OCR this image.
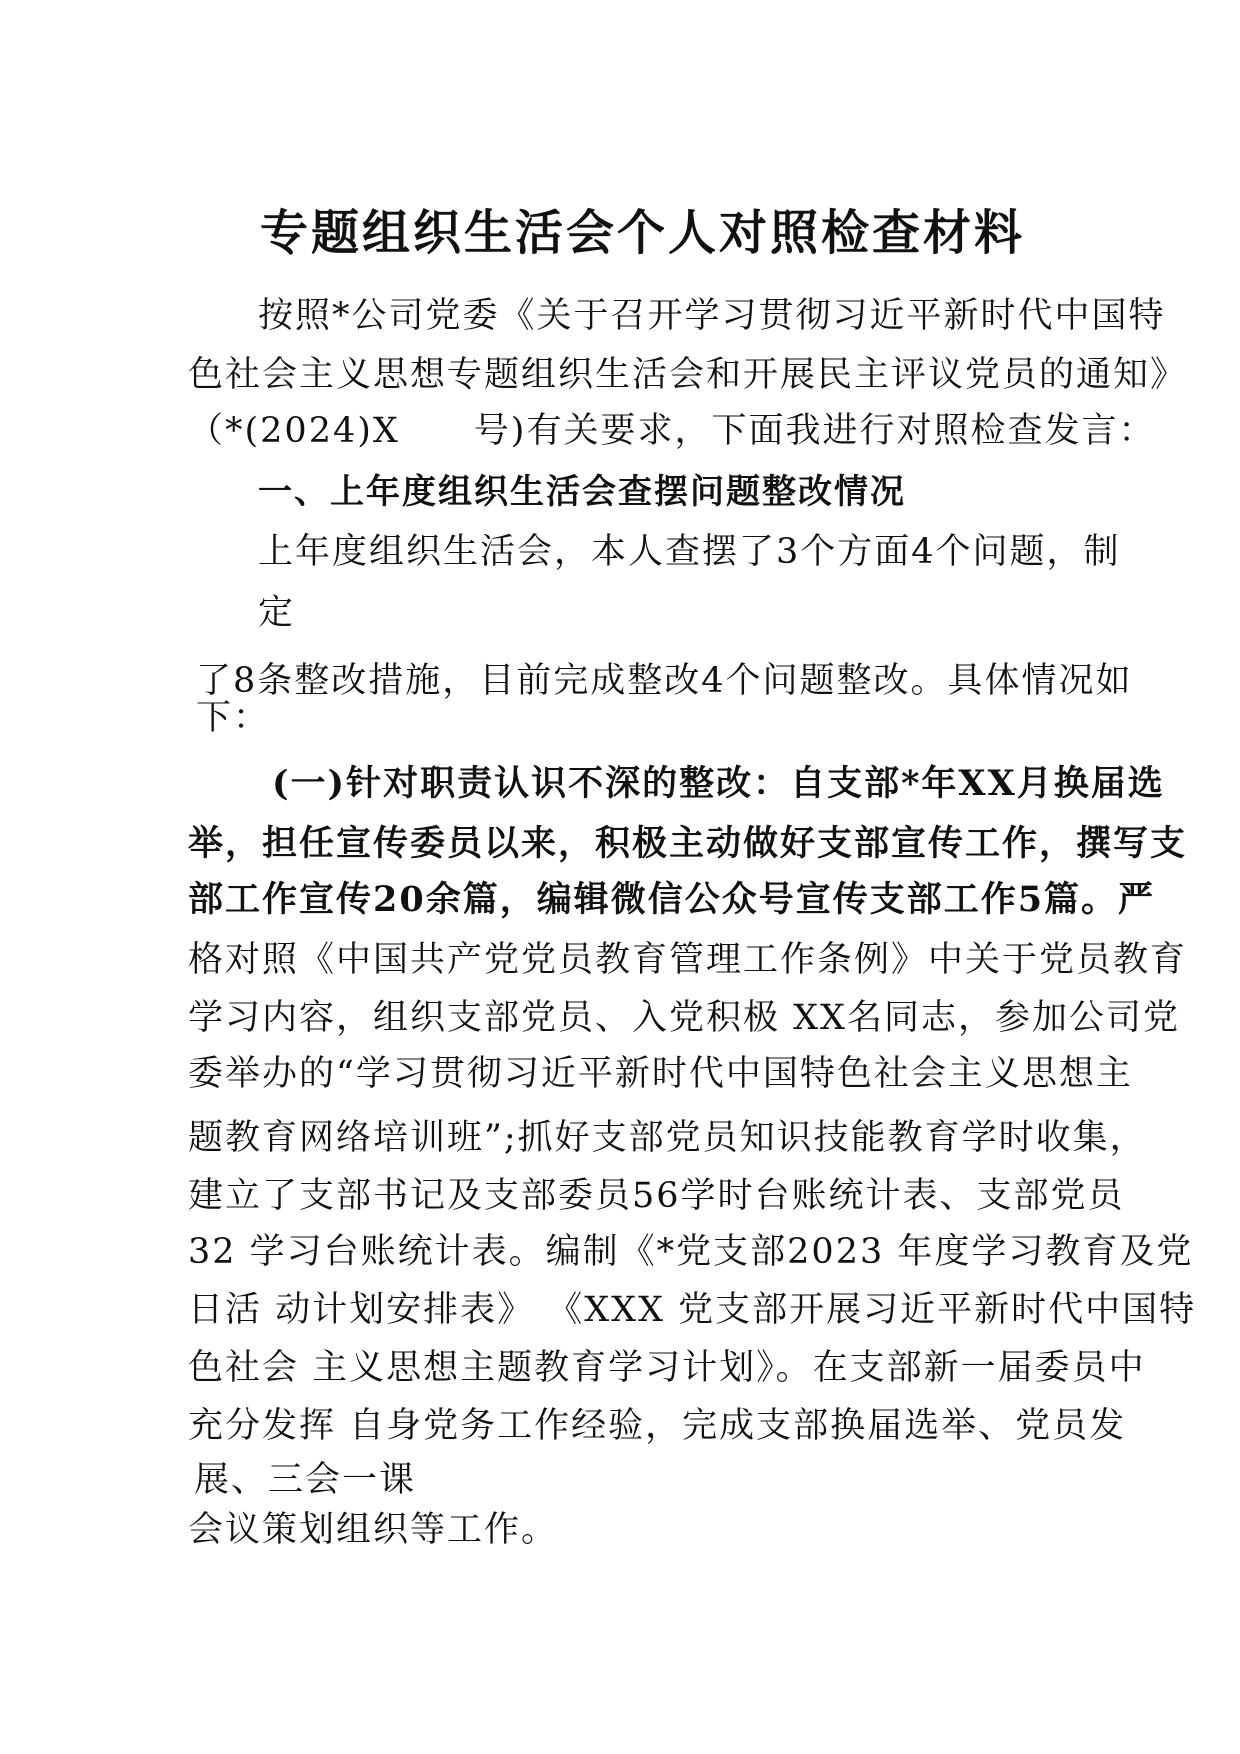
专题组织生活会个人对照检查材料
按照*公司党委《关于召开学习贯彻习近平新时代中国特
色社会主义思想专题组织生活会和开展民主评议党员的通知》
（*(2024)X　　号)有关要求，下面我进行对照检查发言：
一、上年度组织生活会查摆问题整改情况
上年度组织生活会，本人查摆了3个方面4个问题，制
定
了8条整改措施，目前完成整改4个问题整改。具体情况如
下：
(一)针对职责认识不深的整改：自支部*年XX月换届选
举，担任宣传委员以来，积极主动做好支部宣传工作，撰写支
部工作宣传20余篇，编辑微信公众号宣传支部工作5篇。严
格对照《中国共产党党员教育管理工作条例》中关于党员教育
学习内容，组织支部党员、入党积极 XX名同志，参加公司党
委举办的“学习贯彻习近平新时代中国特色社会主义思想主
题教育网络培训班”;抓好支部党员知识技能教育学时收集，
建立了支部书记及支部委员56学时台账统计表、支部党员
32 学习台账统计表。编制《*党支部2023 年度学习教育及党
日活 动计划安排表》 《XXX 党支部开展习近平新时代中国特
色社会 主义思想主题教育学习计划》。在支部新一届委员中
充分发挥 自身党务工作经验，完成支部换届选举、党员发
展、三会一课
会议策划组织等工作。
